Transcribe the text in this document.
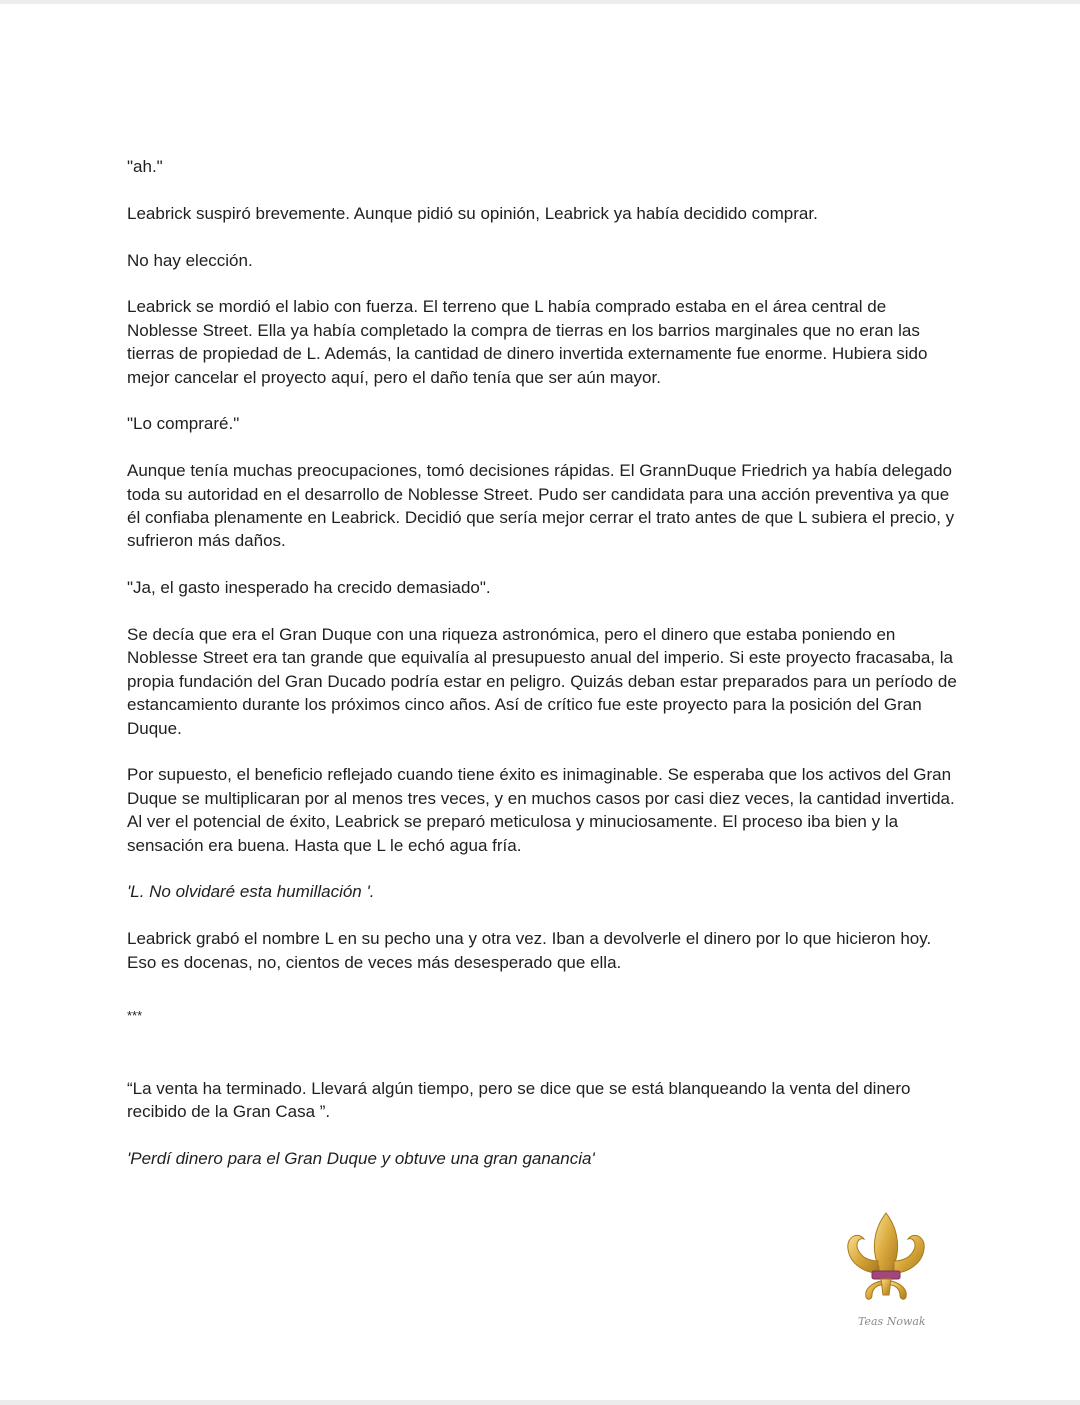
"ah."

Leabrick suspiró brevemente. Aunque pidió su opinión, Leabrick ya había decidido comprar.

No hay elección.

Leabrick se mordió el labio con fuerza. El terreno que L había comprado estaba en el área central de Noblesse Street. Ella ya había completado la compra de tierras en los barrios marginales que no eran las tierras de propiedad de L. Además, la cantidad de dinero invertida externamente fue enorme. Hubiera sido mejor cancelar el proyecto aquí, pero el daño tenía que ser aún mayor.

"Lo compraré."

Aunque tenía muchas preocupaciones, tomó decisiones rápidas. El GrannDuque Friedrich ya había delegado toda su autoridad en el desarrollo de Noblesse Street. Pudo ser candidata para una acción preventiva ya que él confiaba plenamente en Leabrick. Decidió que sería mejor cerrar el trato antes de que L subiera el precio, y sufrieron más daños.

"Ja, el gasto inesperado ha crecido demasiado".

Se decía que era el Gran Duque con una riqueza astronómica, pero el dinero que estaba poniendo en Noblesse Street era tan grande que equivalía al presupuesto anual del imperio. Si este proyecto fracasaba, la propia fundación del Gran Ducado podría estar en peligro. Quizás deban estar preparados para un período de estancamiento durante los próximos cinco años. Así de crítico fue este proyecto para la posición del Gran Duque.

Por supuesto, el beneficio reflejado cuando tiene éxito es inimaginable. Se esperaba que los activos del Gran Duque se multiplicaran por al menos tres veces, y en muchos casos por casi diez veces, la cantidad invertida. Al ver el potencial de éxito, Leabrick se preparó meticulosa y minuciosamente. El proceso iba bien y la sensación era buena. Hasta que L le echó agua fría.

'L. No olvidaré esta humillación '.

Leabrick grabó el nombre L en su pecho una y otra vez. Iban a devolverle el dinero por lo que hicieron hoy. Eso es docenas, no, cientos de veces más desesperado que ella.

***

“La venta ha terminado. Llevará algún tiempo, pero se dice que se está blanqueando la venta del dinero recibido de la Gran Casa ”.

'Perdí dinero para el Gran Duque y obtuve una gran ganancia'

Teas Nowak
